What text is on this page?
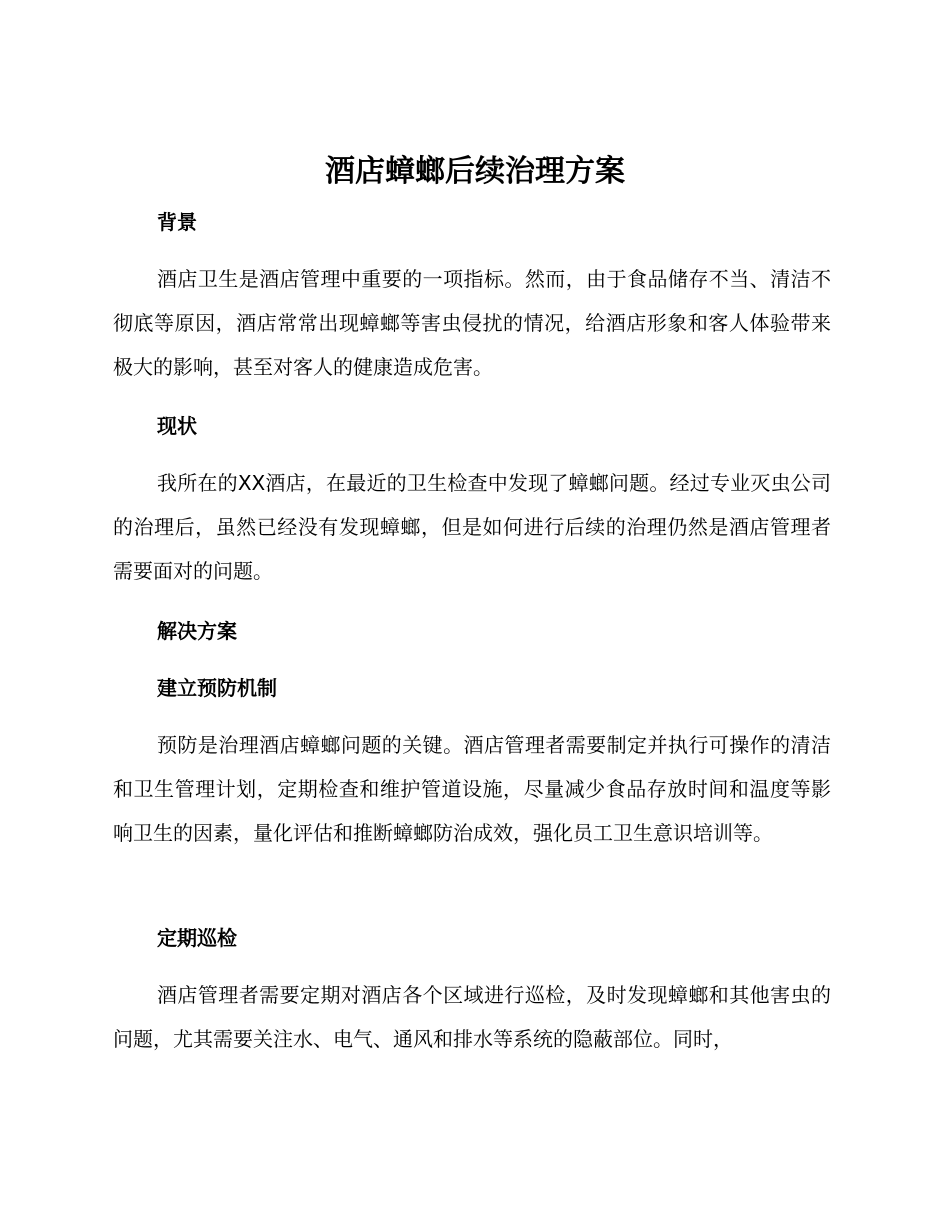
酒店蟑螂后续治理方案
背景

酒店卫生是酒店管理中重要的一项指标。然而，由于食品储存不当、清洁不彻底等原因，酒店常常出现蟑螂等害虫侵扰的情况，给酒店形象和客人体验带来极大的影响，甚至对客人的健康造成危害。

现状

我所在的XX酒店，在最近的卫生检查中发现了蟑螂问题。经过专业灭虫公司的治理后，虽然已经没有发现蟑螂，但是如何进行后续的治理仍然是酒店管理者需要面对的问题。

解决方案
建立预防机制

预防是治理酒店蟑螂问题的关键。酒店管理者需要制定并执行可操作的清洁和卫生管理计划，定期检查和维护管道设施，尽量减少食品存放时间和温度等影响卫生的因素，量化评估和推断蟑螂防治成效，强化员工卫生意识培训等。

定期巡检

酒店管理者需要定期对酒店各个区域进行巡检，及时发现蟑螂和其他害虫的问题，尤其需要关注水、电气、通风和排水等系统的隐蔽部位。同时，
